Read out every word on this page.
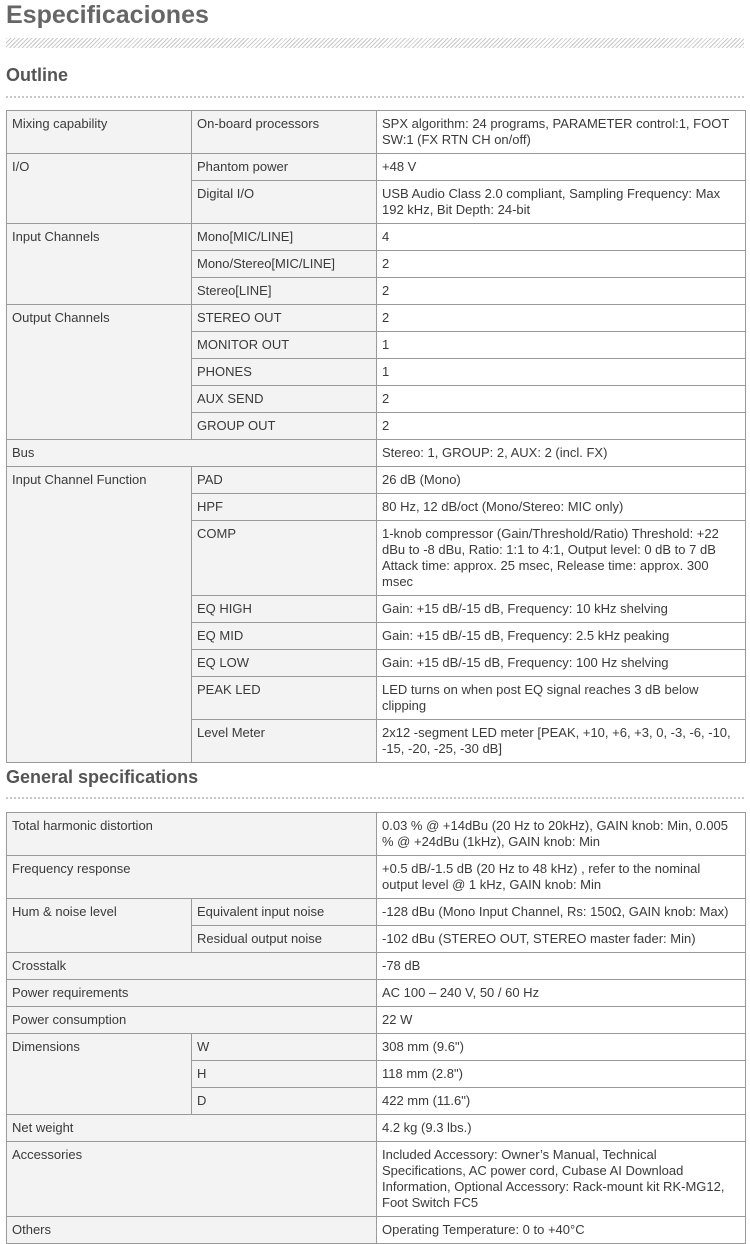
Especificaciones
Outline
Mixing capability	On-board processors	SPX algorithm: 24 programs, PARAMETER control:1, FOOT SW:1 (FX RTN CH on/off)
I/O	Phantom power	+48 V
	Digital I/O	USB Audio Class 2.0 compliant, Sampling Frequency: Max 192 kHz, Bit Depth: 24-bit
Input Channels	Mono[MIC/LINE]	4
	Mono/Stereo[MIC/LINE]	2
	Stereo[LINE]	2
Output Channels	STEREO OUT	2
	MONITOR OUT	1
	PHONES	1
	AUX SEND	2
	GROUP OUT	2
Bus		Stereo: 1, GROUP: 2, AUX: 2 (incl. FX)
Input Channel Function	PAD	26 dB (Mono)
	HPF	80 Hz, 12 dB/oct (Mono/Stereo: MIC only)
	COMP	1-knob compressor (Gain/Threshold/Ratio) Threshold: +22 dBu to -8 dBu, Ratio: 1:1 to 4:1, Output level: 0 dB to 7 dB Attack time: approx. 25 msec, Release time: approx. 300 msec
	EQ HIGH	Gain: +15 dB/-15 dB, Frequency: 10 kHz shelving
	EQ MID	Gain: +15 dB/-15 dB, Frequency: 2.5 kHz peaking
	EQ LOW	Gain: +15 dB/-15 dB, Frequency: 100 Hz shelving
	PEAK LED	LED turns on when post EQ signal reaches 3 dB below clipping
	Level Meter	2x12 -segment LED meter [PEAK, +10, +6, +3, 0, -3, -6, -10, -15, -20, -25, -30 dB]
General specifications
Total harmonic distortion		0.03 % @ +14dBu (20 Hz to 20kHz), GAIN knob: Min, 0.005 % @ +24dBu (1kHz), GAIN knob: Min
Frequency response		+0.5 dB/-1.5 dB (20 Hz to 48 kHz) , refer to the nominal output level @ 1 kHz, GAIN knob: Min
Hum & noise level	Equivalent input noise	-128 dBu (Mono Input Channel, Rs: 150Ω, GAIN knob: Max)
	Residual output noise	-102 dBu (STEREO OUT, STEREO master fader: Min)
Crosstalk		-78 dB
Power requirements		AC 100 – 240 V, 50 / 60 Hz
Power consumption		22 W
Dimensions	W	308 mm (9.6")
	H	118 mm (2.8")
	D	422 mm (11.6")
Net weight		4.2 kg (9.3 lbs.)
Accessories		Included Accessory: Owner’s Manual, Technical Specifications, AC power cord, Cubase AI Download Information, Optional Accessory: Rack-mount kit RK-MG12, Foot Switch FC5
Others		Operating Temperature: 0 to +40°C
